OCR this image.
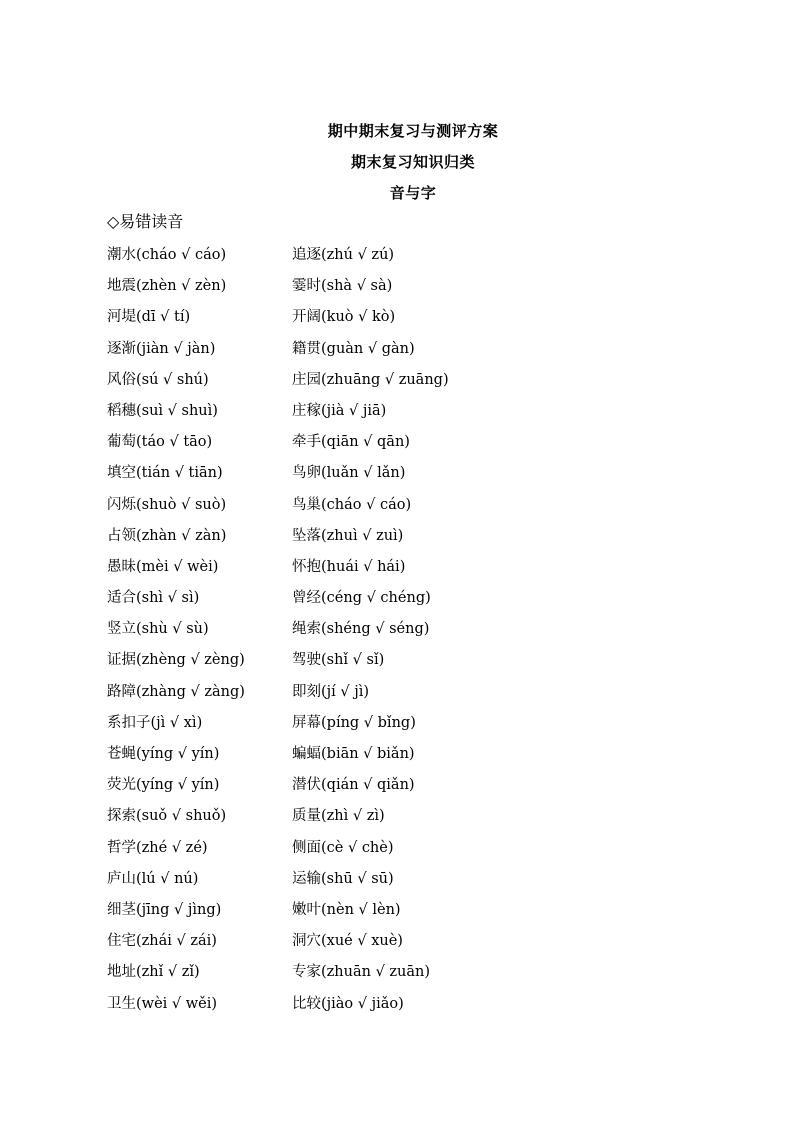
期中期末复习与测评方案
期末复习知识归类
音与字
◇易错读音
潮水(cháo √ cáo)	追逐(zhú √ zú)
地震(zhèn √ zèn)	霎时(shà √ sà)
河堤(dī √ tí)	开阔(kuò √ kò)
逐渐(jiàn √ jàn)	籍贯(guàn √ gàn)
风俗(sú √ shú)	庄园(zhuāng √ zuāng)
稻穗(suì √ shuì)	庄稼(jià √ jiā)
葡萄(táo √ tāo)	牵手(qiān √ qān)
填空(tián √ tiān)	鸟卵(luǎn √ lǎn)
闪烁(shuò √ suò)	鸟巢(cháo √ cáo)
占领(zhàn √ zàn)	坠落(zhuì √ zuì)
愚昧(mèi √ wèi)	怀抱(huái √ hái)
适合(shì √ sì)	曾经(céng √ chéng)
竖立(shù √ sù)	绳索(shéng √ séng)
证据(zhèng √ zèng)	驾驶(shǐ √ sǐ)
路障(zhàng √ zàng)	即刻(jí √ jì)
系扣子(jì √ xì)	屏幕(píng √ bǐng)
苍蝇(yíng √ yín)	蝙蝠(biān √ biǎn)
荧光(yíng √ yín)	潜伏(qián √ qiǎn)
探索(suǒ √ shuǒ)	质量(zhì √ zì)
哲学(zhé √ zé)	侧面(cè √ chè)
庐山(lú √ nú)	运输(shū √ sū)
细茎(jīng √ jìng)	嫩叶(nèn √ lèn)
住宅(zhái √ zái)	洞穴(xué √ xuè)
地址(zhǐ √ zǐ)	专家(zhuān √ zuān)
卫生(wèi √ wěi)	比较(jiào √ jiǎo)
